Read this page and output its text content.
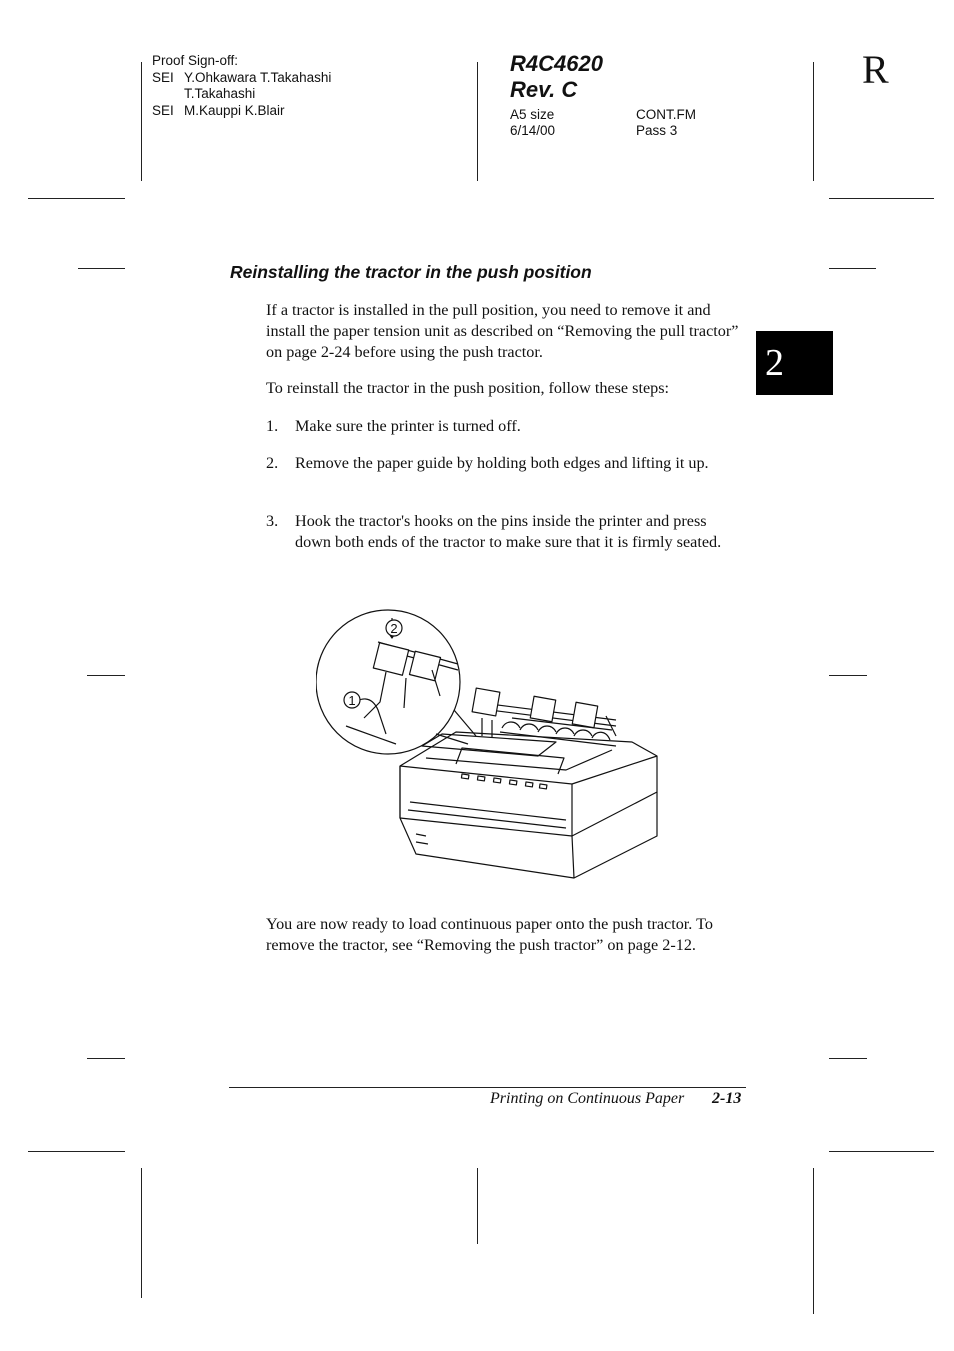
Proof Sign-off:
SEI Y.Ohkawara T.Takahashi
T.Takahashi
SEI M.Kauppi K.Blair
R4C4620
Rev. C
A5 size	CONT.FM
6/14/00	Pass 3
R
2
Reinstalling the tractor in the push position
If a tractor is installed in the pull position, you need to remove it and install the paper tension unit as described on “Removing the pull tractor” on page 2-24 before using the push tractor.
To reinstall the tractor in the push position, follow these steps:
1.	Make sure the printer is turned off.
2.	Remove the paper guide by holding both edges and lifting it up.
3.	Hook the tractor's hooks on the pins inside the printer and press down both ends of the tractor to make sure that it is firmly seated.
2
1
You are now ready to load continuous paper onto the push tractor. To remove the tractor, see “Removing the push tractor” on page 2-12.
Printing on Continuous Paper 2-13
